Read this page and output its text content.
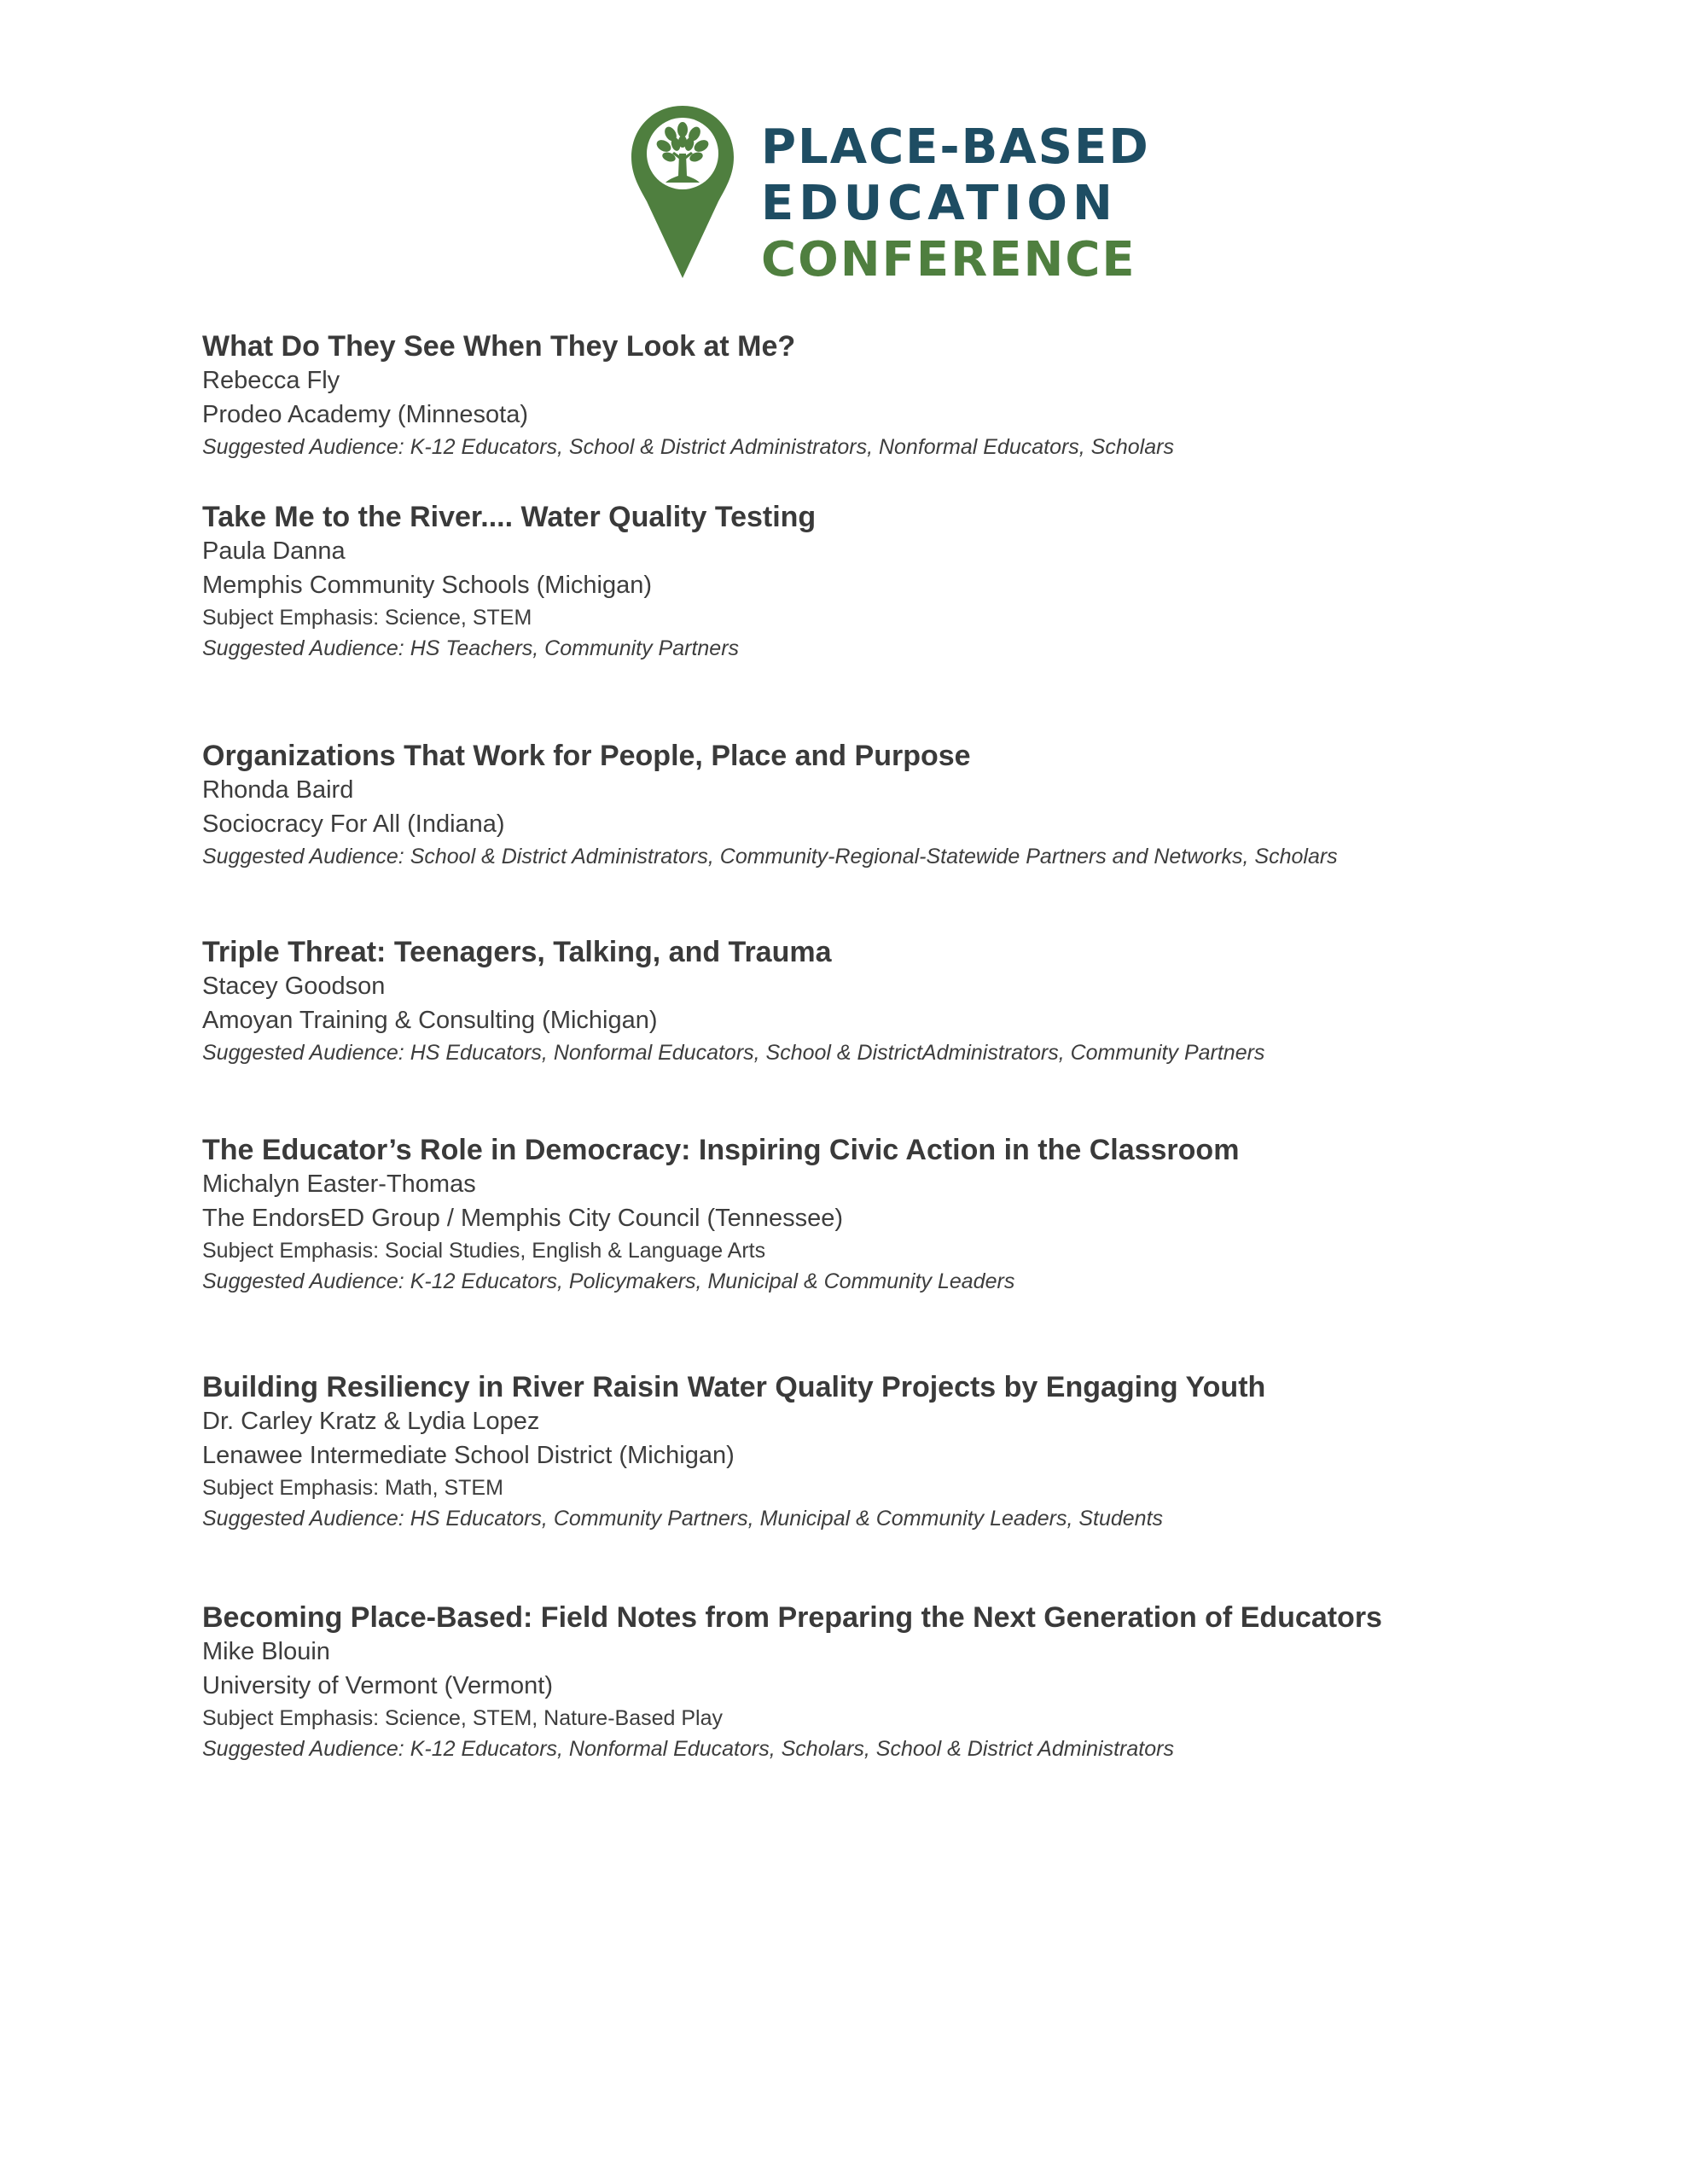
PLACE-BASED
EDUCATION
CONFERENCE
What Do They See When They Look at Me?
Rebecca Fly
Prodeo Academy (Minnesota)
Suggested Audience: K-12 Educators, School & District Administrators, Nonformal Educators, Scholars
Take Me to the River.... Water Quality Testing
Paula Danna
Memphis Community Schools (Michigan)
Subject Emphasis: Science, STEM
Suggested Audience: HS Teachers, Community Partners
Organizations That Work for People, Place and Purpose
Rhonda Baird
Sociocracy For All (Indiana)
Suggested Audience: School & District Administrators, Community-Regional-Statewide Partners and Networks, Scholars
Triple Threat: Teenagers, Talking, and Trauma
Stacey Goodson
Amoyan Training & Consulting (Michigan)
Suggested Audience: HS Educators, Nonformal Educators, School & DistrictAdministrators, Community Partners
The Educator’s Role in Democracy: Inspiring Civic Action in the Classroom
Michalyn Easter-Thomas
The EndorsED Group / Memphis City Council (Tennessee)
Subject Emphasis: Social Studies, English & Language Arts
Suggested Audience: K-12 Educators, Policymakers, Municipal & Community Leaders
Building Resiliency in River Raisin Water Quality Projects by Engaging Youth
Dr. Carley Kratz & Lydia Lopez
Lenawee Intermediate School District (Michigan)
Subject Emphasis: Math, STEM
Suggested Audience: HS Educators, Community Partners, Municipal & Community Leaders, Students
Becoming Place-Based: Field Notes from Preparing the Next Generation of Educators
Mike Blouin
University of Vermont (Vermont)
Subject Emphasis: Science, STEM, Nature-Based Play
Suggested Audience: K-12 Educators, Nonformal Educators, Scholars, School & District Administrators
